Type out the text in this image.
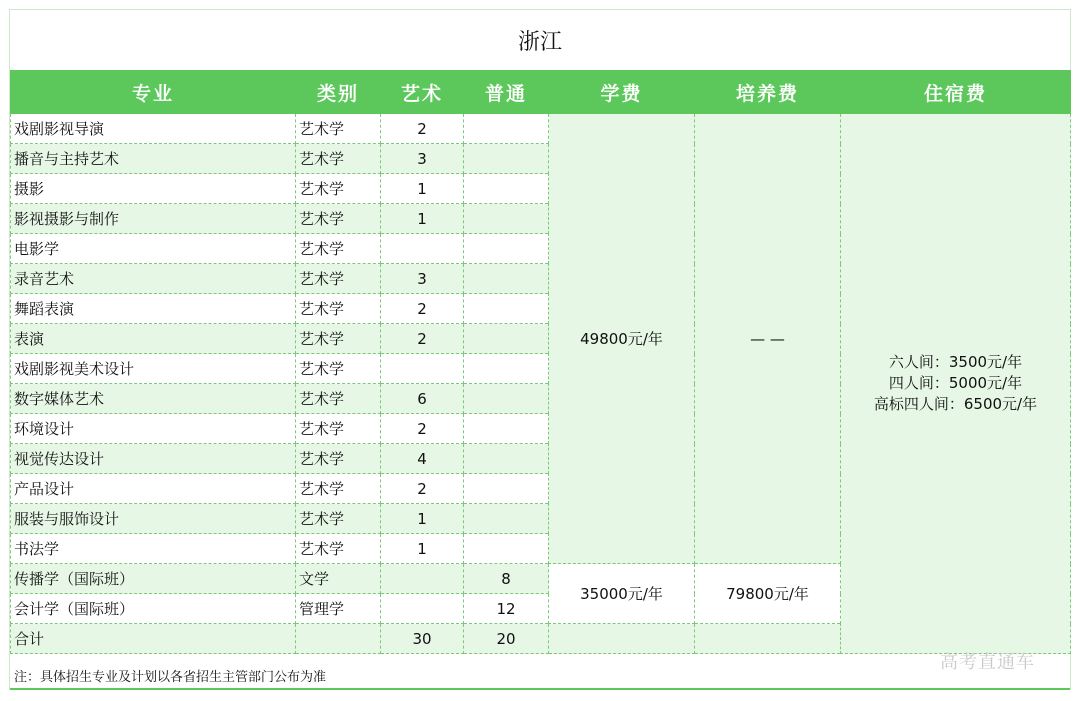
浙江
专业	类别	艺术	普通	学费	培养费	住宿费
戏剧影视导演	艺术学	2		49800元/年	— —	六人间：3500元/年
四人间：5000元/年
高标四人间：6500元/年

播音与主持艺术	艺术学	3				
摄影	艺术学	1				
影视摄影与制作	艺术学	1				
电影学	艺术学					
录音艺术	艺术学	3				
舞蹈表演	艺术学	2				
表演	艺术学	2				
戏剧影视美术设计	艺术学					
数字媒体艺术	艺术学	6				
环境设计	艺术学	2				
视觉传达设计	艺术学	4				
产品设计	艺术学	2				
服装与服饰设计	艺术学	1				
书法学	艺术学	1				
传播学（国际班）	文学		8	35000元/年	79800元/年	
会计学（国际班）	管理学		12			
合计		30	20			
注：具体招生专业及计划以各省招生主管部门公布为准
高考直通车
